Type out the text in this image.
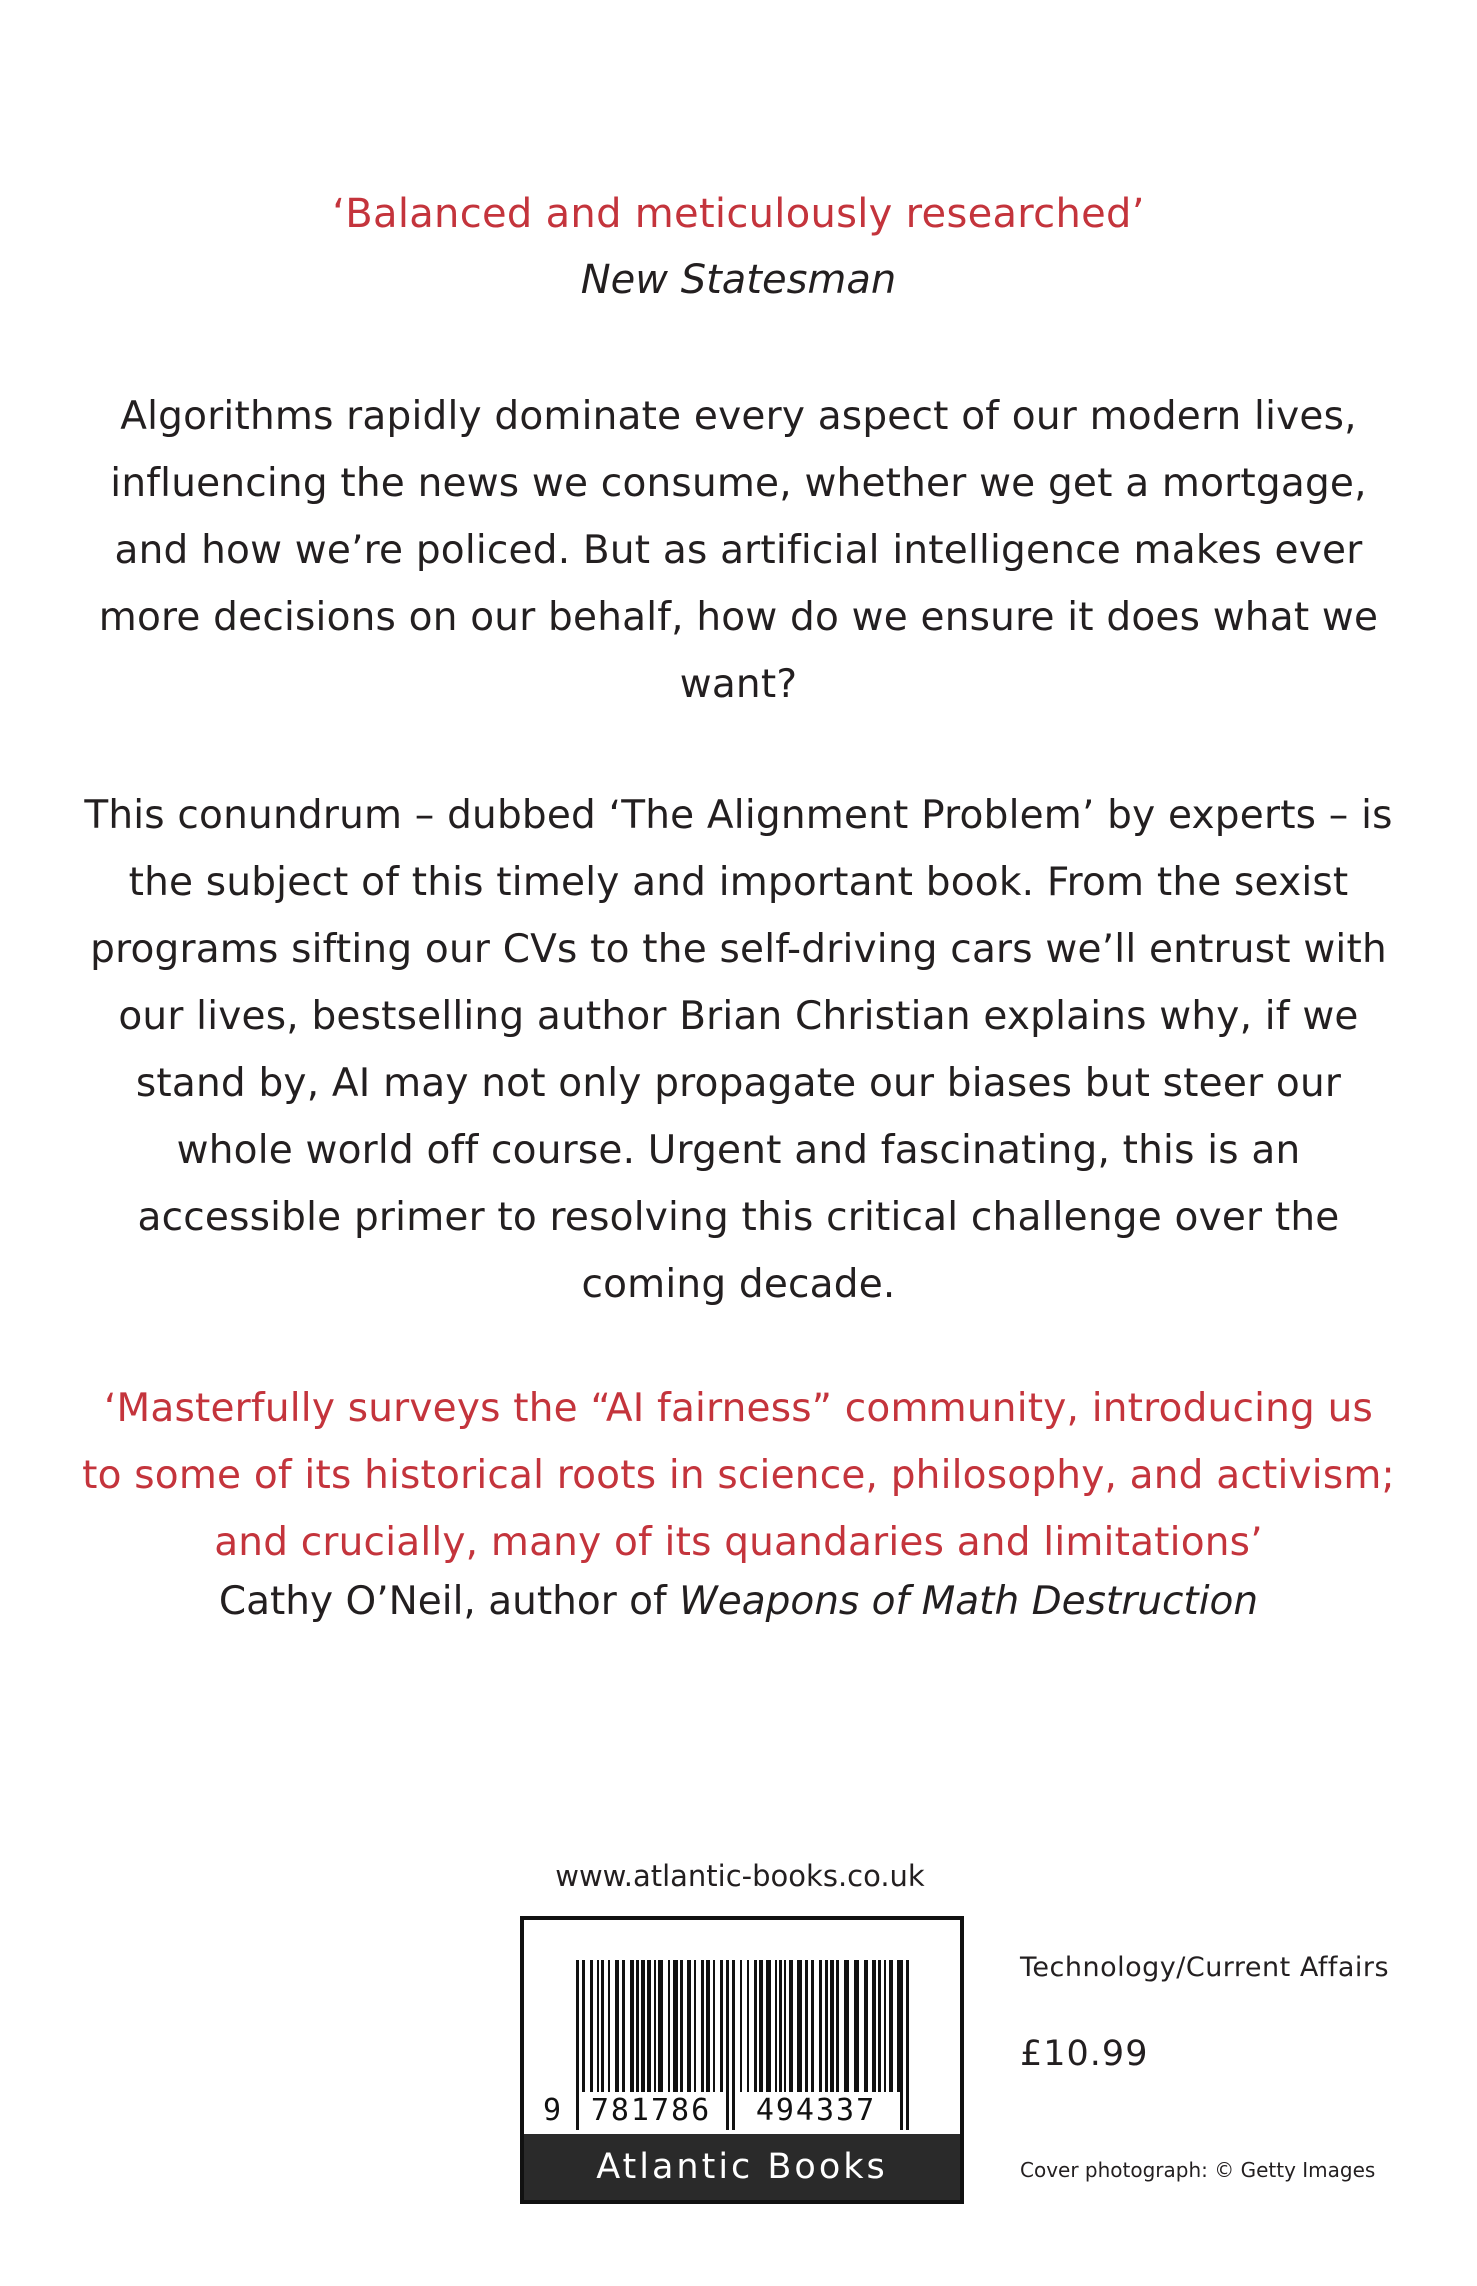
‘Balanced and meticulously researched’
New Statesman
Algorithms rapidly dominate every aspect of our modern lives, influencing the news we consume, whether we get a mortgage, and how we’re policed. But as artificial intelligence makes ever more decisions on our behalf, how do we ensure it does what we want?
This conundrum – dubbed ‘The Alignment Problem’ by experts – is the subject of this timely and important book. From the sexist programs sifting our CVs to the self-driving cars we’ll entrust with our lives, bestselling author Brian Christian explains why, if we stand by, AI may not only propagate our biases but steer our whole world off course. Urgent and fascinating, this is an accessible primer to resolving this critical challenge over the coming decade.
‘Masterfully surveys the “AI fairness” community, introducing us to some of its historical roots in science, philosophy, and activism; and crucially, many of its quandaries and limitations’
Cathy O’Neil, author of Weapons of Math Destruction
www.atlantic-books.co.uk
9 781786 494337
Atlantic Books
Technology/Current Affairs
£10.99
Cover photograph: © Getty Images
